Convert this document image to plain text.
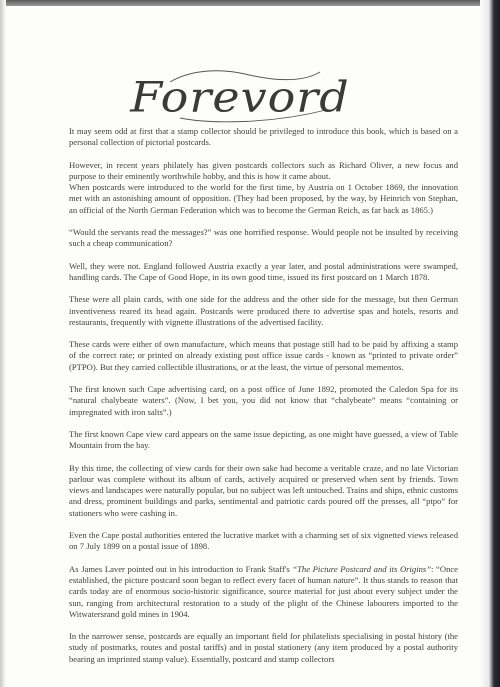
Forevord

It may seem odd at first that a stamp collector should be privileged to introduce this book, which is based on a personal collection of pictorial postcards.

However, in recent years philately has given postcards collectors such as Richard Oliver, a new focus and purpose to their eminently worthwhile hobby, and this is how it came about.

When postcards were introduced to the world for the first time, by Austria on 1 October 1869, the innovation met with an astonishing amount of opposition. (They had been proposed, by the way, by Heinrich von Stephan, an official of the North German Federation which was to become the German Reich, as far back as 1865.)

“Would the servants read the messages?” was one horrified response. Would people not be insulted by receiving such a cheap communication?

Well, they were not. England followed Austria exactly a year later, and postal administrations were swamped, handling cards. The Cape of Good Hope, in its own good time, issued its first postcard on 1 March 1878.

These were all plain cards, with one side for the address and the other side for the message, but then German inventiveness reared its head again. Postcards were produced there to advertise spas and hotels, resorts and restaurants, frequently with vignette illustrations of the advertised facility.

These cards were either of own manufacture, which means that postage still had to be paid by affixing a stamp of the correct rate; or printed on already existing post office issue cards - known as “printed to private order” (PTPO). But they carried collectible illustrations, or at the least, the virtue of personal mementos.

The first known such Cape advertising card, on a post office of June 1892, promoted the Caledon Spa for its “natural chalybeate waters”. (Now, I bet you, you did not know that “chalybeate” means “containing or impregnated with iron salts”.)

The first known Cape view card appears on the same issue depicting, as one might have guessed, a view of Table Mountain from the bay.

By this time, the collecting of view cards for their own sake had become a veritable craze, and no late Victorian parlour was complete without its album of cards, actively acquired or preserved when sent by friends. Town views and landscapes were naturally popular, but no subject was left untouched. Trains and ships, ethnic customs and dress, prominent buildings and parks, sentimental and patriotic cards poured off the presses, all “ptpo” for stationers who were cashing in.

Even the Cape postal authorities entered the lucrative market with a charming set of six vignetted views released on 7 July 1899 on a postal issue of 1898.

As James Laver pointed out in his introduction to Frank Staff's “The Picture Postcard and its Origins”: “Once established, the picture postcard soon began to reflect every facet of human nature”. It thus stands to reason that cards today are of enormous socio-historic significance, source material for just about every subject under the sun, ranging from architectural restoration to a study of the plight of the Chinese labourers imported to the Witwatersrand gold mines in 1904.

In the narrower sense, postcards are equally an important field for philatelists specialising in postal history (the study of postmarks, routes and postal tariffs) and in postal stationery (any item produced by a postal authority bearing an imprinted stamp value). Essentially, postcard and stamp collectors
